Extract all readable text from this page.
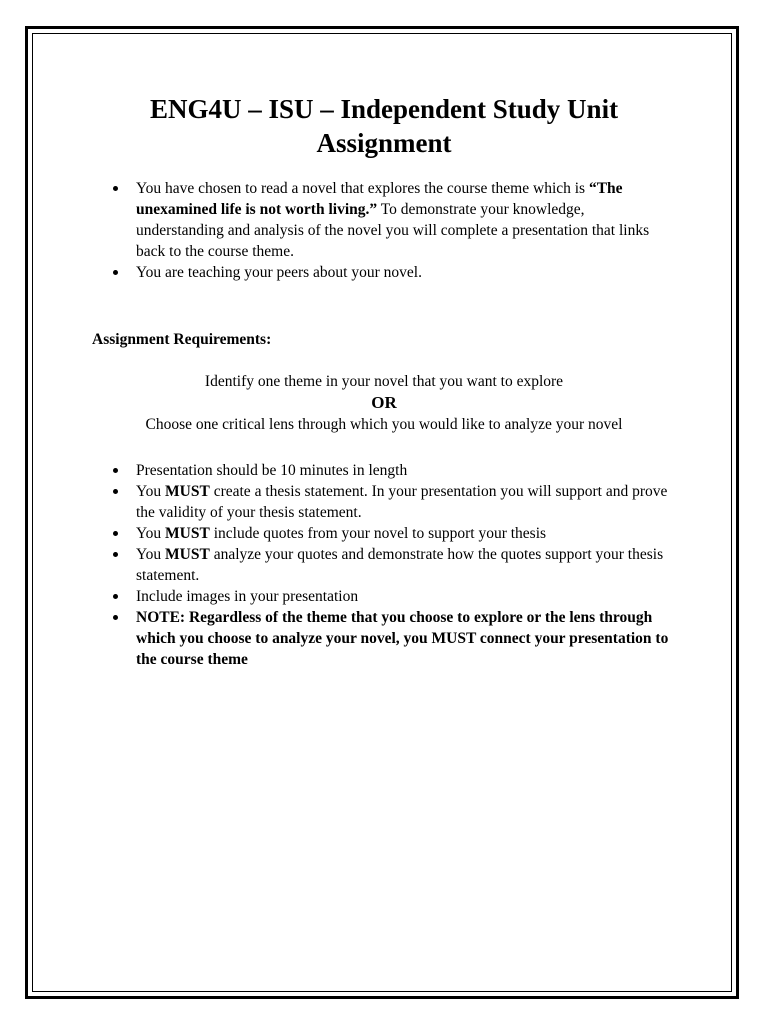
ENG4U – ISU – Independent Study Unit
Assignment
You have chosen to read a novel that explores the course theme which is “The unexamined life is not worth living.” To demonstrate your knowledge, understanding and analysis of the novel you will complete a presentation that links back to the course theme.
You are teaching your peers about your novel.
Assignment Requirements:
Identify one theme in your novel that you want to explore
OR
Choose one critical lens through which you would like to analyze your novel
Presentation should be 10 minutes in length
You MUST create a thesis statement. In your presentation you will support and prove the validity of your thesis statement.
You MUST include quotes from your novel to support your thesis
You MUST analyze your quotes and demonstrate how the quotes support your thesis statement.
Include images in your presentation
NOTE: Regardless of the theme that you choose to explore or the lens through which you choose to analyze your novel, you MUST connect your presentation to the course theme
